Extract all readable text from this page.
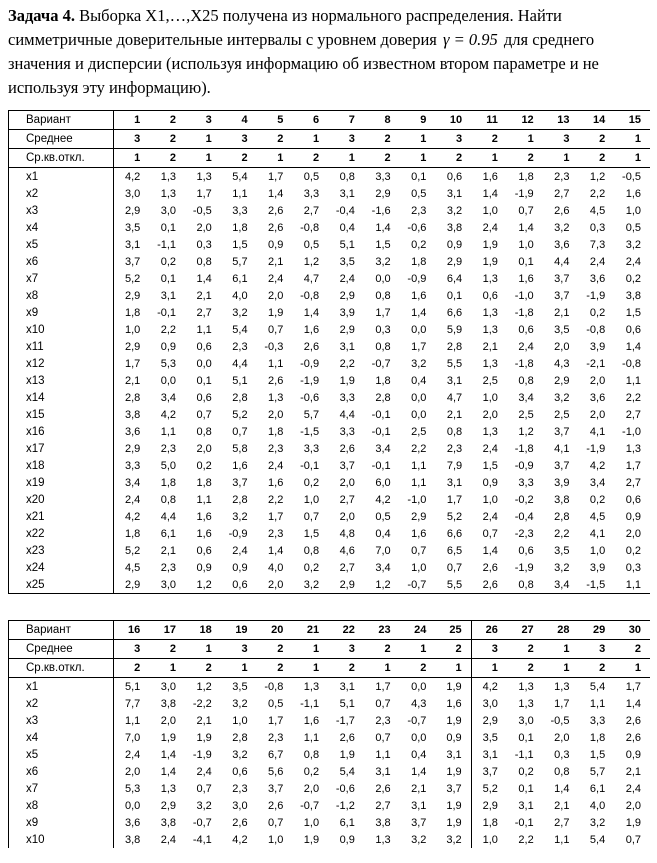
Задача 4. Выборка X1,…,X25 получена из нормального распределения. Найти симметричные доверительные интервалы с уровнем доверия γ = 0.95 для среднего значения и дисперсии (используя информацию об известном втором параметре и не используя эту информацию).

Вариант	1	2	3	4	5	6	7	8	9	10	11	12	13	14	15
Среднее	3	2	1	3	2	1	3	2	1	3	2	1	3	2	1
Ср.кв.откл.	1	2	1	2	1	2	1	2	1	2	1	2	1	2	1
x1	4,2	1,3	1,3	5,4	1,7	0,5	0,8	3,3	0,1	0,6	1,6	1,8	2,3	1,2	-0,5
x2	3,0	1,3	1,7	1,1	1,4	3,3	3,1	2,9	0,5	3,1	1,4	-1,9	2,7	2,2	1,6
x3	2,9	3,0	-0,5	3,3	2,6	2,7	-0,4	-1,6	2,3	3,2	1,0	0,7	2,6	4,5	1,0
x4	3,5	0,1	2,0	1,8	2,6	-0,8	0,4	1,4	-0,6	3,8	2,4	1,4	3,2	0,3	0,5
x5	3,1	-1,1	0,3	1,5	0,9	0,5	5,1	1,5	0,2	0,9	1,9	1,0	3,6	7,3	3,2
x6	3,7	0,2	0,8	5,7	2,1	1,2	3,5	3,2	1,8	2,9	1,9	0,1	4,4	2,4	2,4
x7	5,2	0,1	1,4	6,1	2,4	4,7	2,4	0,0	-0,9	6,4	1,3	1,6	3,7	3,6	0,2
x8	2,9	3,1	2,1	4,0	2,0	-0,8	2,9	0,8	1,6	0,1	0,6	-1,0	3,7	-1,9	3,8
x9	1,8	-0,1	2,7	3,2	1,9	1,4	3,9	1,7	1,4	6,6	1,3	-1,8	2,1	0,2	1,5
x10	1,0	2,2	1,1	5,4	0,7	1,6	2,9	0,3	0,0	5,9	1,3	0,6	3,5	-0,8	0,6
x11	2,9	0,9	0,6	2,3	-0,3	2,6	3,1	0,8	1,7	2,8	2,1	2,4	2,0	3,9	1,4
x12	1,7	5,3	0,0	4,4	1,1	-0,9	2,2	-0,7	3,2	5,5	1,3	-1,8	4,3	-2,1	-0,8
x13	2,1	0,0	0,1	5,1	2,6	-1,9	1,9	1,8	0,4	3,1	2,5	0,8	2,9	2,0	1,1
x14	2,8	3,4	0,6	2,8	1,3	-0,6	3,3	2,8	0,0	4,7	1,0	3,4	3,2	3,6	2,2
x15	3,8	4,2	0,7	5,2	2,0	5,7	4,4	-0,1	0,0	2,1	2,0	2,5	2,5	2,0	2,7
x16	3,6	1,1	0,8	0,7	1,8	-1,5	3,3	-0,1	2,5	0,8	1,3	1,2	3,7	4,1	-1,0
x17	2,9	2,3	2,0	5,8	2,3	3,3	2,6	3,4	2,2	2,3	2,4	-1,8	4,1	-1,9	1,3
x18	3,3	5,0	0,2	1,6	2,4	-0,1	3,7	-0,1	1,1	7,9	1,5	-0,9	3,7	4,2	1,7
x19	3,4	1,8	1,8	3,7	1,6	0,2	2,0	6,0	1,1	3,1	0,9	3,3	3,9	3,4	2,7
x20	2,4	0,8	1,1	2,8	2,2	1,0	2,7	4,2	-1,0	1,7	1,0	-0,2	3,8	0,2	0,6
x21	4,2	4,4	1,6	3,2	1,7	0,7	2,0	0,5	2,9	5,2	2,4	-0,4	2,8	4,5	0,9
x22	1,8	6,1	1,6	-0,9	2,3	1,5	4,8	0,4	1,6	6,6	0,7	-2,3	2,2	4,1	2,0
x23	5,2	2,1	0,6	2,4	1,4	0,8	4,6	7,0	0,7	6,5	1,4	0,6	3,5	1,0	0,2
x24	4,5	2,3	0,9	0,9	4,0	0,2	2,7	3,4	1,0	0,7	2,6	-1,9	3,2	3,9	0,3
x25	2,9	3,0	1,2	0,6	2,0	3,2	2,9	1,2	-0,7	5,5	2,6	0,8	3,4	-1,5	1,1
Вариант	16	17	18	19	20	21	22	23	24	25	26	27	28	29	30
Среднее	3	2	1	3	2	1	3	2	1	2	3	2	1	3	2
Ср.кв.откл.	2	1	2	1	2	1	2	1	2	1	1	2	1	2	1
x1	5,1	3,0	1,2	3,5	-0,8	1,3	3,1	1,7	0,0	1,9	4,2	1,3	1,3	5,4	1,7
x2	7,7	3,8	-2,2	3,2	0,5	-1,1	5,1	0,7	4,3	1,6	3,0	1,3	1,7	1,1	1,4
x3	1,1	2,0	2,1	1,0	1,7	1,6	-1,7	2,3	-0,7	1,9	2,9	3,0	-0,5	3,3	2,6
x4	7,0	1,9	1,9	2,8	2,3	1,1	2,6	0,7	0,0	0,9	3,5	0,1	2,0	1,8	2,6
x5	2,4	1,4	-1,9	3,2	6,7	0,8	1,9	1,1	0,4	3,1	3,1	-1,1	0,3	1,5	0,9
x6	2,0	1,4	2,4	0,6	5,6	0,2	5,4	3,1	1,4	1,9	3,7	0,2	0,8	5,7	2,1
x7	5,3	1,3	0,7	2,3	3,7	2,0	-0,6	2,6	2,1	3,7	5,2	0,1	1,4	6,1	2,4
x8	0,0	2,9	3,2	3,0	2,6	-0,7	-1,2	2,7	3,1	1,9	2,9	3,1	2,1	4,0	2,0
x9	3,6	3,8	-0,7	2,6	0,7	1,0	6,1	3,8	3,7	1,9	1,8	-0,1	2,7	3,2	1,9
x10	3,8	2,4	-4,1	4,2	1,0	1,9	0,9	1,3	3,2	3,2	1,0	2,2	1,1	5,4	0,7
